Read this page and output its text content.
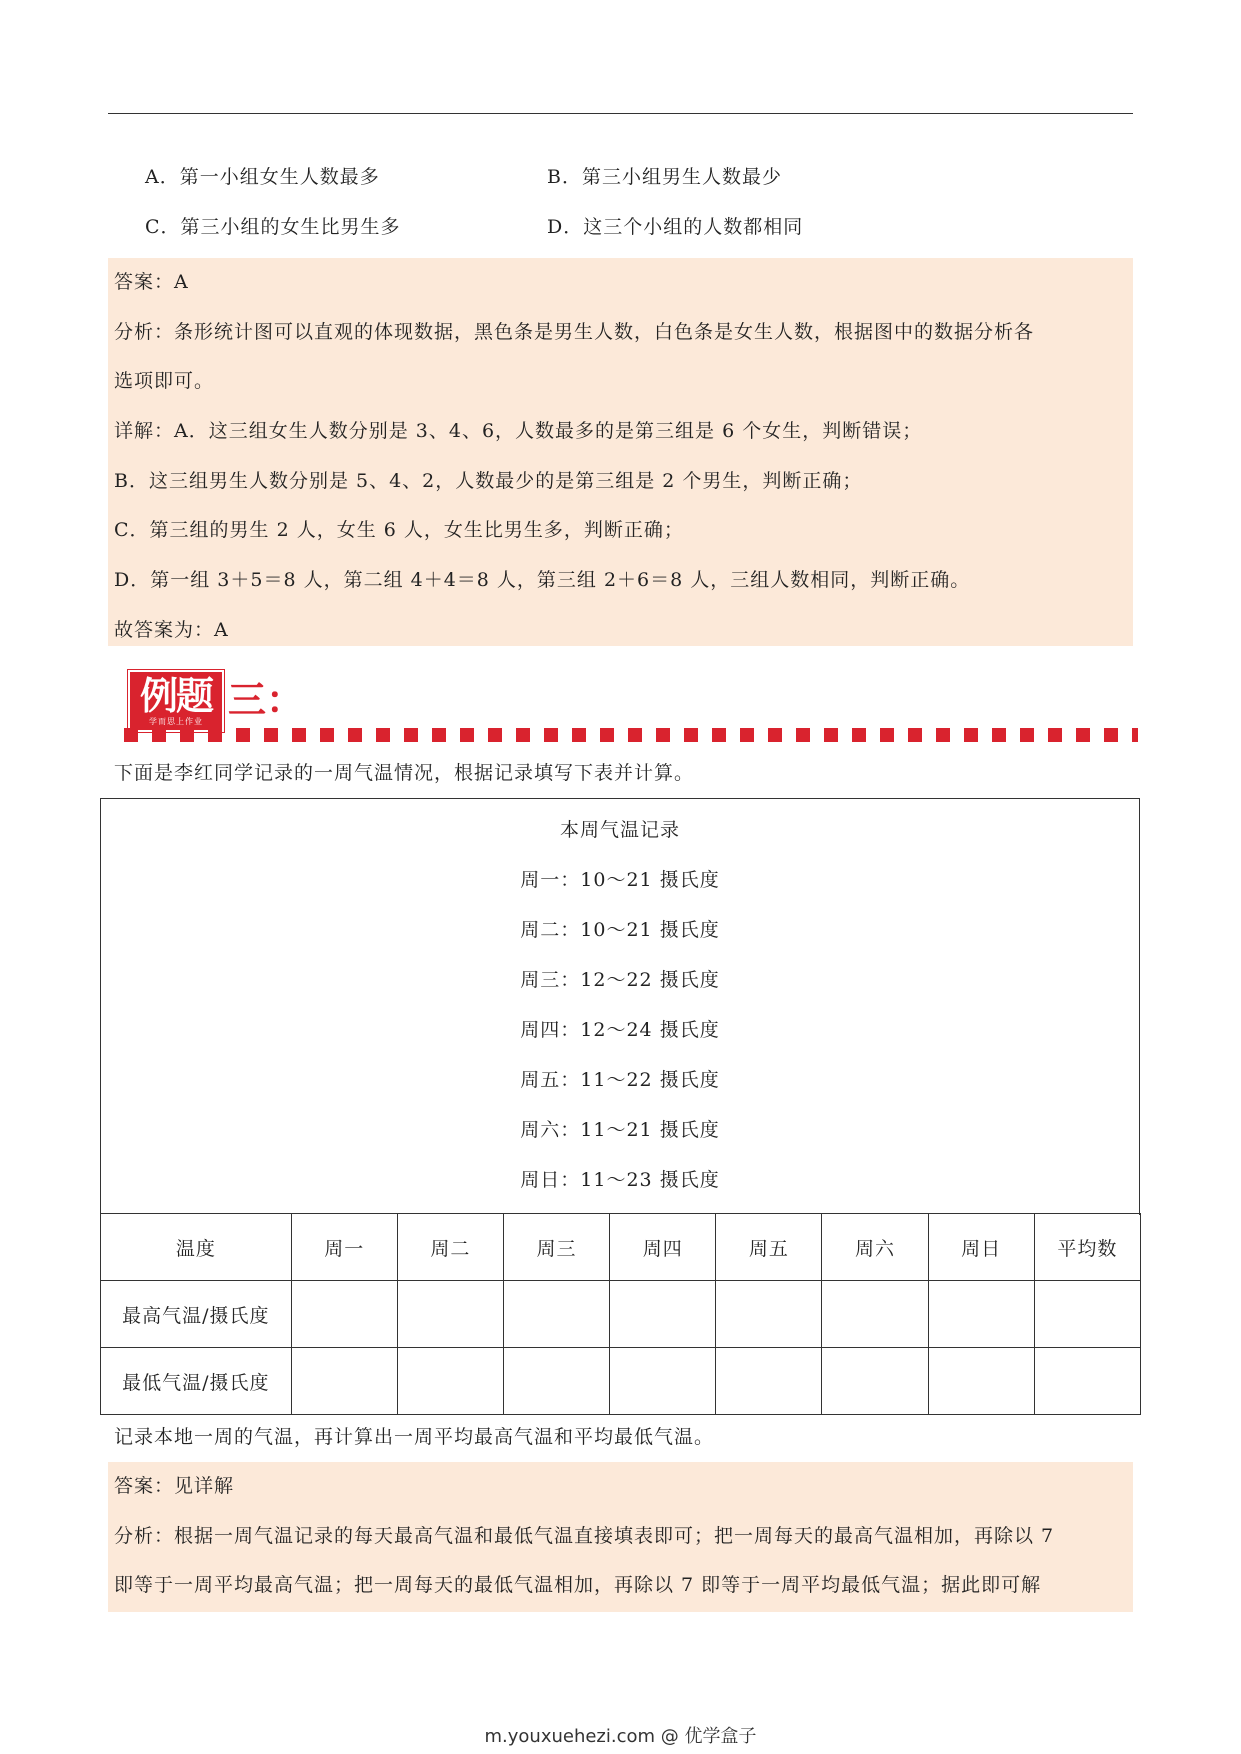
A．第一小组女生人数最多	B．第三小组男生人数最少
C．第三小组的女生比男生多	D．这三个小组的人数都相同
答案：A
分析：条形统计图可以直观的体现数据，黑色条是男生人数，白色条是女生人数，根据图中的数据分析各
选项即可。
详解：A．这三组女生人数分别是 3、4、6，人数最多的是第三组是 6 个女生，判断错误；
B．这三组男生人数分别是 5、4、2，人数最少的是第三组是 2 个男生，判断正确；
C．第三组的男生 2 人，女生 6 人，女生比男生多，判断正确；
D．第一组 3＋5＝8 人，第二组 4＋4＝8 人，第三组 2＋6＝8 人，三组人数相同，判断正确。
故答案为：A
例题
学而思上作业 三：
下面是李红同学记录的一周气温情况，根据记录填写下表并计算。
本周气温记录
周一：10～21 摄氏度
周二：10～21 摄氏度
周三：12～22 摄氏度
周四：12～24 摄氏度
周五：11～22 摄氏度
周六：11～21 摄氏度
周日：11～23 摄氏度
温度	周一	周二	周三	周四	周五	周六	周日	平均数
最高气温/摄氏度								
最低气温/摄氏度								
记录本地一周的气温，再计算出一周平均最高气温和平均最低气温。
答案：见详解
分析：根据一周气温记录的每天最高气温和最低气温直接填表即可；把一周每天的最高气温相加，再除以 7
即等于一周平均最高气温；把一周每天的最低气温相加，再除以 7 即等于一周平均最低气温；据此即可解
m.youxuehezi.com @ 优学盒子
